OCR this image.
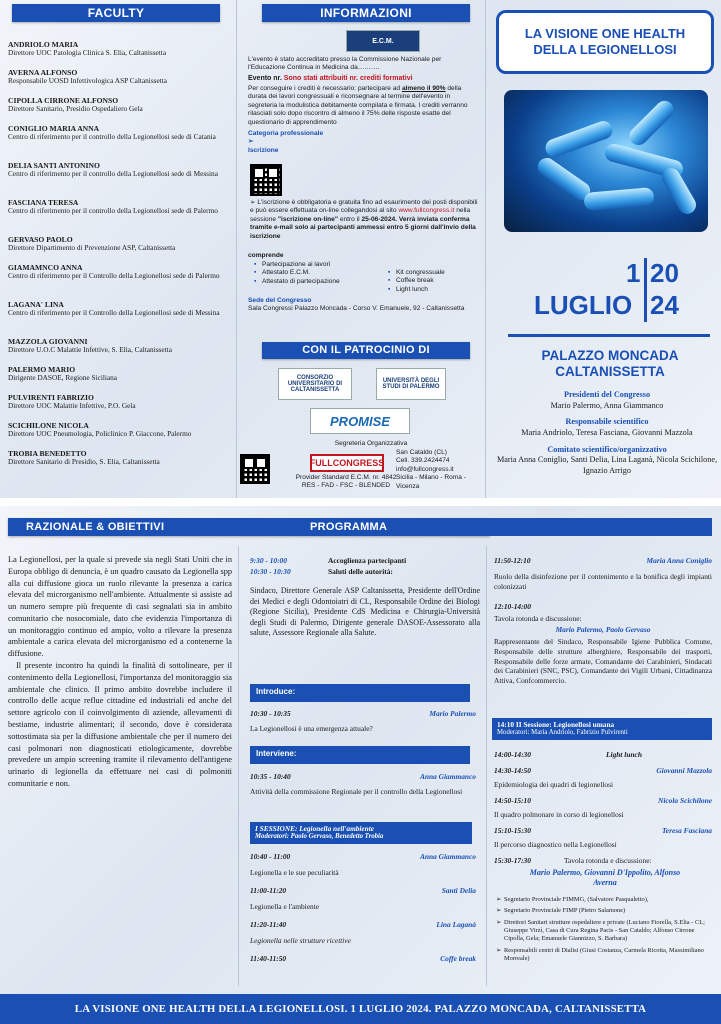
FACULTY
ANDRIOLO MARIA
Direttore UOC Patologia Clinica S. Elia, Caltanissetta
AVERNA ALFONSO
Responsabile UOSD Infettivologica ASP Caltanissetta
CIPOLLA CIRRONE ALFONSO
Direttore Sanitario, Presidio Ospedaliero Gela
CONIGLIO MARIA ANNA
Centro di riferimento per il controllo della Legionellosi sede di Catania
DELIA SANTI ANTONINO
Centro di riferimento per il controllo della Legionellosi sede di Messina
FASCIANA TERESA
Centro di riferimento per il controllo della Legionellosi sede di Palermo
GERVASO PAOLO
Direttore Dipartimento di Prevenzione ASP, Caltanissetta
GIAMAMNCO ANNA
Centro di riferimento per il Controllo della Legionellosi sede di Palermo
LAGANA' LINA
Centro di riferimento per il Controllo della Legionellosi sede di Messina
MAZZOLA GIOVANNI
Direttore U.O.C Malattie Infettive, S. Elia, Caltanissetta
PALERMO MARIO
Dirigente DASOE, Regione Siciliana
PULVIRENTI FABRIZIO
Direttore UOC Malattie Infettive, P.O. Gela
SCICHILONE NICOLA
Direttore UOC Pneumologia, Policlinico P. Giaccone, Palermo
TROBIA BENEDETTO
Direttore Sanitario di Presidio, S. Elia, Caltanissetta
INFORMAZIONI
E.C.M.
L'evento è stato accreditato presso la Commissione Nazionale per l'Educazione Continua in Medicina da……….
Evento nr. Sono stati attribuiti nr. crediti formativi
Per conseguire i crediti è necessario: partecipare ad almeno il 90% della durata dei lavori congressuali e riconsegnare al termine dell'evento in segreteria la modulistica debitamente compilata e firmata. I crediti verranno rilasciati solo dopo riscontro di almeno il 75% delle risposte esatte del questionario di apprendimento
Categoria professionale
➢
Iscrizione
➢ L'iscrizione è obbligatoria e gratuita fino ad esaurimento dei posti disponibili e può essere effettuata on-line collegandosi al sito www.fullcongress.it nella sessione "iscrizione on-line" entro il 25-06-2024. Verrà inviata conferma tramite e-mail solo ai partecipanti ammessi entro 5 giorni dall'invio della iscrizione
comprende
▪ Partecipazione ai lavori
▪ Attestato E.C.M.
▪ Attestato di partecipazione
▪ Kit congressuale
▪ Coffee break
▪ Light lunch
Sede del Congresso
Sala Congressi Palazzo Moncada - Corso V. Emanuele, 92 - Caltanissetta
CON IL PATROCINIO DI
CONSORZIO UNIVERSITARIO DI CALTANISSETTA
UNIVERSITÀ DEGLI STUDI DI PALERMO
PROMISE
Segreteria Organizzativa
FULLCONGRESS
San Cataldo (CL)
Cell. 339.2424474
info@fullcongress.it
Sicilia - Milano - Roma - Vicenza
Provider Standard E.C.M. nr. 4842
RES - FAD - FSC - BLENDED
LA VISIONE ONE HEALTH DELLA LEGIONELLOSI
1
LUGLIO
20
24
PALAZZO MONCADA CALTANISSETTA
Presidenti del Congresso
Mario Palermo, Anna Giammanco
Responsabile scientifico
Maria Andriolo, Teresa Fasciana, Giovanni Mazzola
Comitato scientifico/organizzativo
Maria Anna Coniglio, Santi Delia, Lina Laganà, Nicola Scichilone, Ignazio Arrigo
RAZIONALE & OBIETTIVI	PROGRAMMA

La Legionellosi, per la quale si prevede sia negli Stati Uniti che in Europa obbligo di denuncia, è un quadro causato da Legionella spp alla cui diffusione gioca un ruolo rilevante la presenza a carica elevata del microrganismo nell'ambiente. Attualmente si assiste ad un numero sempre più frequente di casi segnalati sia in ambito comunitario che nosocomiale, dato che evidenzia l'importanza di un monitoraggio continuo ed ampio, volto a rilevare la presenza ambientale a carica elevata del microrganismo ed a contenerne la diffusione.

Il presente incontro ha quindi la finalità di sottolineare, per il contenimento della Legionellosi, l'importanza del monitoraggio sia ambientale che clinico. Il primo ambito dovrebbe includere il controllo delle acque reflue cittadine ed industriali ed anche del settore agricolo con il coinvolgimento di aziende, allevamenti di bestiame, industrie alimentari; il secondo, dove è considerata sottostimata sia per la diffusione ambientale che per il numero dei casi polmonari non diagnosticati etiologicamente, dovrebbe prevedere un ampio screening tramite il rilevamento dell'antigene urinario di legionella da effettuare nei casi di polmoniti comunitarie e non.

9:30 - 10:00	Accoglienza partecipanti
10:30 - 10:30	Saluti delle autorità:
Sindaco, Direttore Generale ASP Caltanissetta, Presidente dell'Ordine dei Medici e degli Odontoiatri di CL, Responsabile Ordine dei Biologi (Regione Sicilia), Presidente CdS Medicina e Chirurgia-Università degli Studi di Palermo, Dirigente generale DASOE-Assessorato alla salute, Assessore Regionale alla Salute.
Introduce:
10:30 - 10:35	Mario Palermo
La Legionellosi è una emergenza attuale?
Interviene:
10:35 - 10:40	Anna Giammanco
Attività della commissione Regionale per il controllo della Legionellosi
I SESSIONE: Legionella nell'ambiente
Moderatori: Paolo Gervaso, Benedetto Trobia
10:40 - 11:00	Anna Giammanco
Legionella e le sue peculiarità
11:00-11:20	Santi Delia
Legionella e l'ambiente
11:20-11:40	Lina Laganà
Legionella nelle strutture ricettive
11:40-11:50	Coffe break
11:50-12:10	Maria Anna Coniglio
Ruolo della disinfezione per il contenimento e la bonifica degli impianti colonizzati
12:10-14:00
Tavola rotonda e discussione:
Mario Palermo, Paolo Gervaso
Rappresentante del Sindaco, Responsabile Igiene Pubblica Comune, Responsabile delle strutture alberghiere, Responsabile dei trasporti, Responsabile delle forze armate, Comandante dei Carabinieri, Sindacati dei Carabinieri (SNC, PSC), Comandante dei Vigili Urbani, Cittadinanza Attiva, Confcommercio.
14:10 II Sessione: Legionellosi umana
Moderatori: Maria Andriolo, Fabrizio Pulvirenti
14:00-14:30	Light lunch
14:30-14:50	Giovanni Mazzola
Epidemiologia dei quadri di legionellosi
14:50-15:10	Nicola Scichilone
Il quadro polmonare in corso di legionellosi
15:10-15:30	Teresa Fasciana
Il percorso diagnostico nella Legionellosi
15:30-17:30	Tavola rotonda e discussione:
Mario Palermo, Giovanni D'Ippolito, Alfonso Averna
➢ Segretario Provinciale FIMMG, (Salvatore Pasqualetto),
➢ Segretario Provinciale FIMP (Pietro Salamone)
➢ Direttori Sanitari strutture ospedaliere e private (Luciano Fiorella, S.Elia - CL; Giuseppe Virzì, Casa di Cura Regina Pacis - San Cataldo; Alfonso Cirrone Cipolla, Gela; Emanuele Giannizzo, S. Barbara)
➢ Responsabili centri di Dialisi (Giusi Costanza, Carmela Ricotta, Massimiliano Morreale)
LA VISIONE ONE HEALTH DELLA LEGIONELLOSI. 1 LUGLIO 2024. PALAZZO MONCADA, CALTANISSETTA
